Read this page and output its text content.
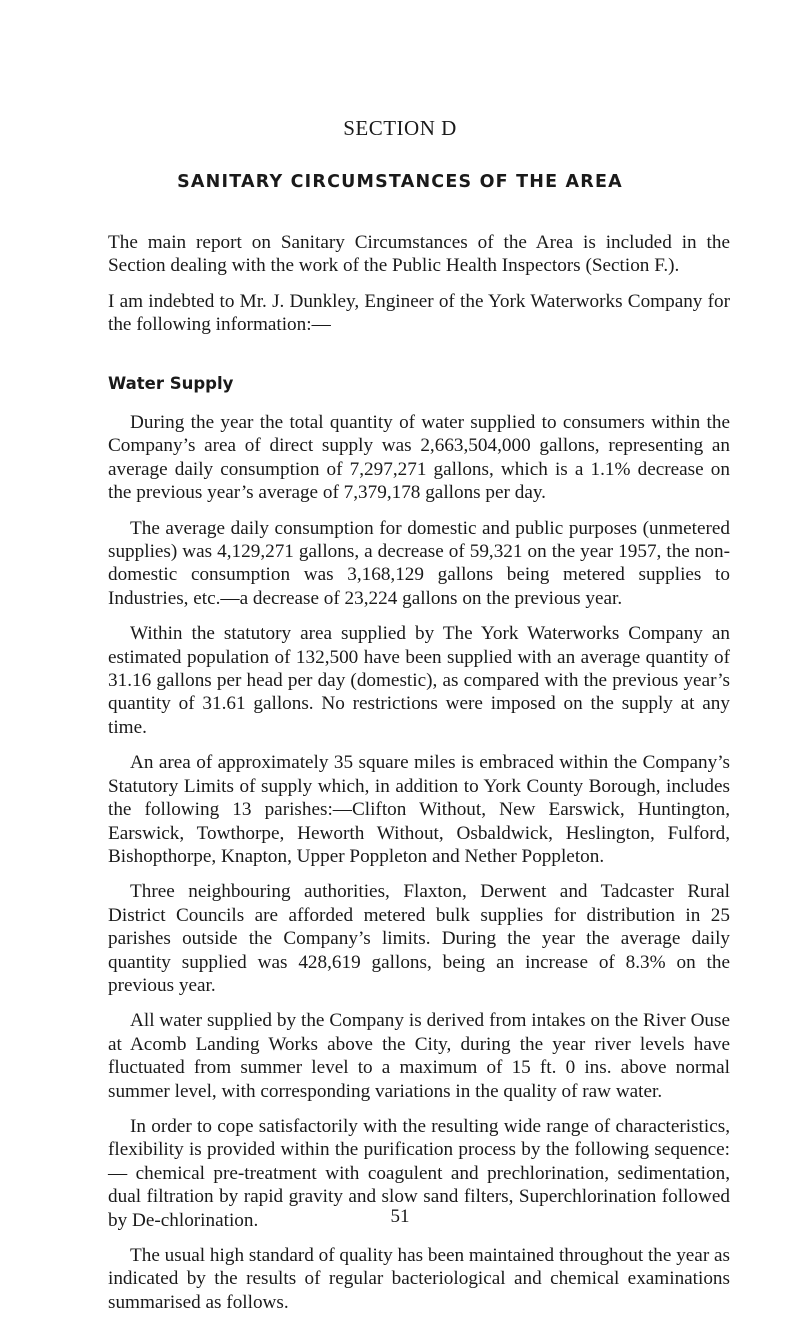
SECTION D
SANITARY CIRCUMSTANCES OF THE AREA

The main report on Sanitary Circumstances of the Area is included in the Section dealing with the work of the Public Health Inspectors (Section F.).

I am indebted to Mr. J. Dunkley, Engineer of the York Waterworks Company for the following information:—

Water Supply

During the year the total quantity of water supplied to consumers within the Company’s area of direct supply was 2,663,504,000 gallons, representing an average daily consumption of 7,297,271 gallons, which is a 1.1% decrease on the previous year’s average of 7,379,178 gallons per day.

The average daily consumption for domestic and public purposes (unmetered supplies) was 4,129,271 gallons, a decrease of 59,321 on the year 1957, the non-domestic consumption was 3,168,129 gallons being metered supplies to Industries, etc.—a decrease of 23,224 gallons on the previous year.

Within the statutory area supplied by The York Waterworks Company an estimated population of 132,500 have been supplied with an average quantity of 31.16 gallons per head per day (domestic), as compared with the previous year’s quantity of 31.61 gallons. No restrictions were imposed on the supply at any time.

An area of approximately 35 square miles is embraced within the Company’s Statutory Limits of supply which, in addition to York County Borough, includes the following 13 parishes:—Clifton Without, New Earswick, Huntington, Earswick, Towthorpe, Heworth Without, Osbaldwick, Heslington, Fulford, Bishopthorpe, Knapton, Upper Poppleton and Nether Poppleton.

Three neighbouring authorities, Flaxton, Derwent and Tadcaster Rural District Councils are afforded metered bulk supplies for distribution in 25 parishes outside the Company’s limits. During the year the average daily quantity supplied was 428,619 gallons, being an increase of 8.3% on the previous year.

All water supplied by the Company is derived from intakes on the River Ouse at Acomb Landing Works above the City, during the year river levels have fluctuated from summer level to a maximum of 15 ft. 0 ins. above normal summer level, with corresponding variations in the quality of raw water.

In order to cope satisfactorily with the resulting wide range of characteristics, flexibility is provided within the purification process by the following sequence:— chemical pre-treatment with coagulent and prechlorination, sedimentation, dual filtration by rapid gravity and slow sand filters, Superchlorination followed by De-chlorination.

The usual high standard of quality has been maintained throughout the year as indicated by the results of regular bacteriological and chemical examinations summarised as follows.

51
